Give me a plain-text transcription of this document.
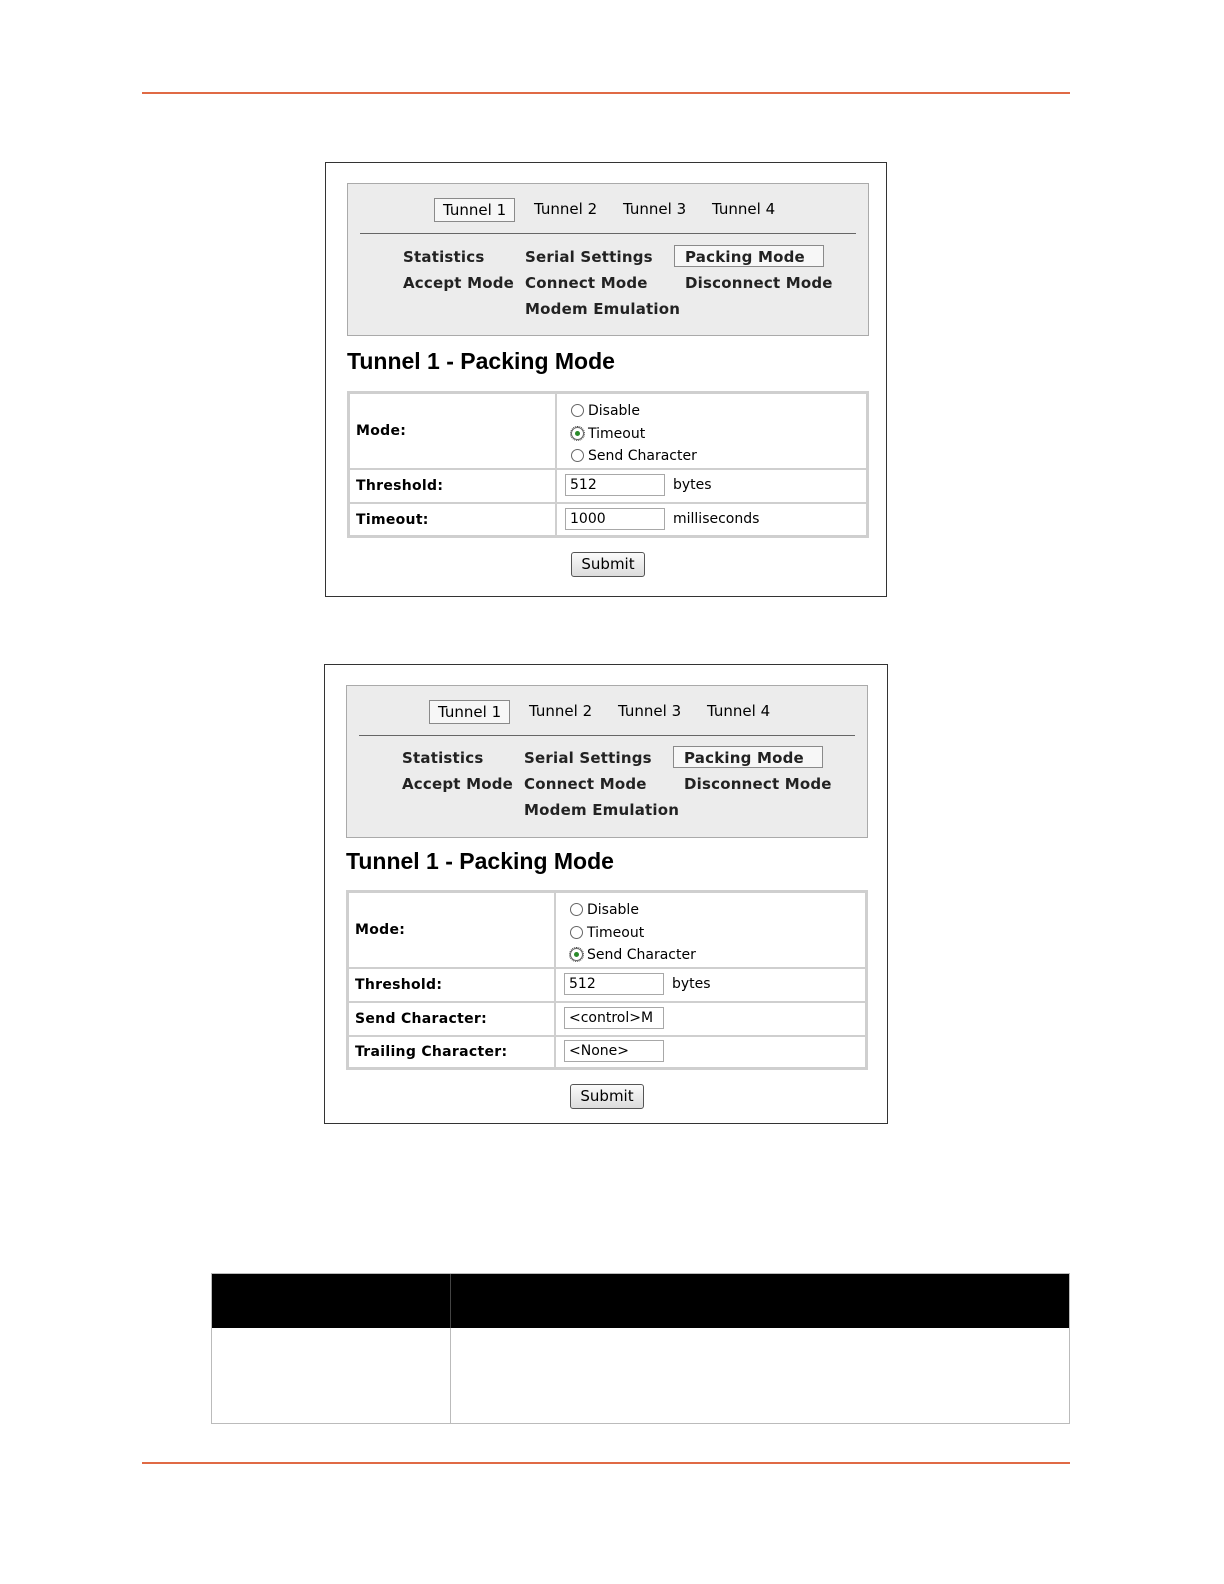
Tunnel 1	Tunnel 2	Tunnel 3	Tunnel 4
Statistics	Serial Settings	Packing Mode
Accept Mode Connect Mode Disconnect Mode
Modem Emulation
Tunnel 1 - Packing Mode
Mode:
Disable
Timeout
Send Character
Threshold:	512	bytes
Timeout:	1000	milliseconds
Submit
Tunnel 1	Tunnel 2	Tunnel 3	Tunnel 4
Statistics	Serial Settings	Packing Mode
Accept Mode Connect Mode Disconnect Mode
Modem Emulation
Tunnel 1 - Packing Mode
Mode:
Disable
Timeout
Send Character
Threshold:	512	bytes
Send Character:	<control>M
Trailing Character:	<None>
Submit
